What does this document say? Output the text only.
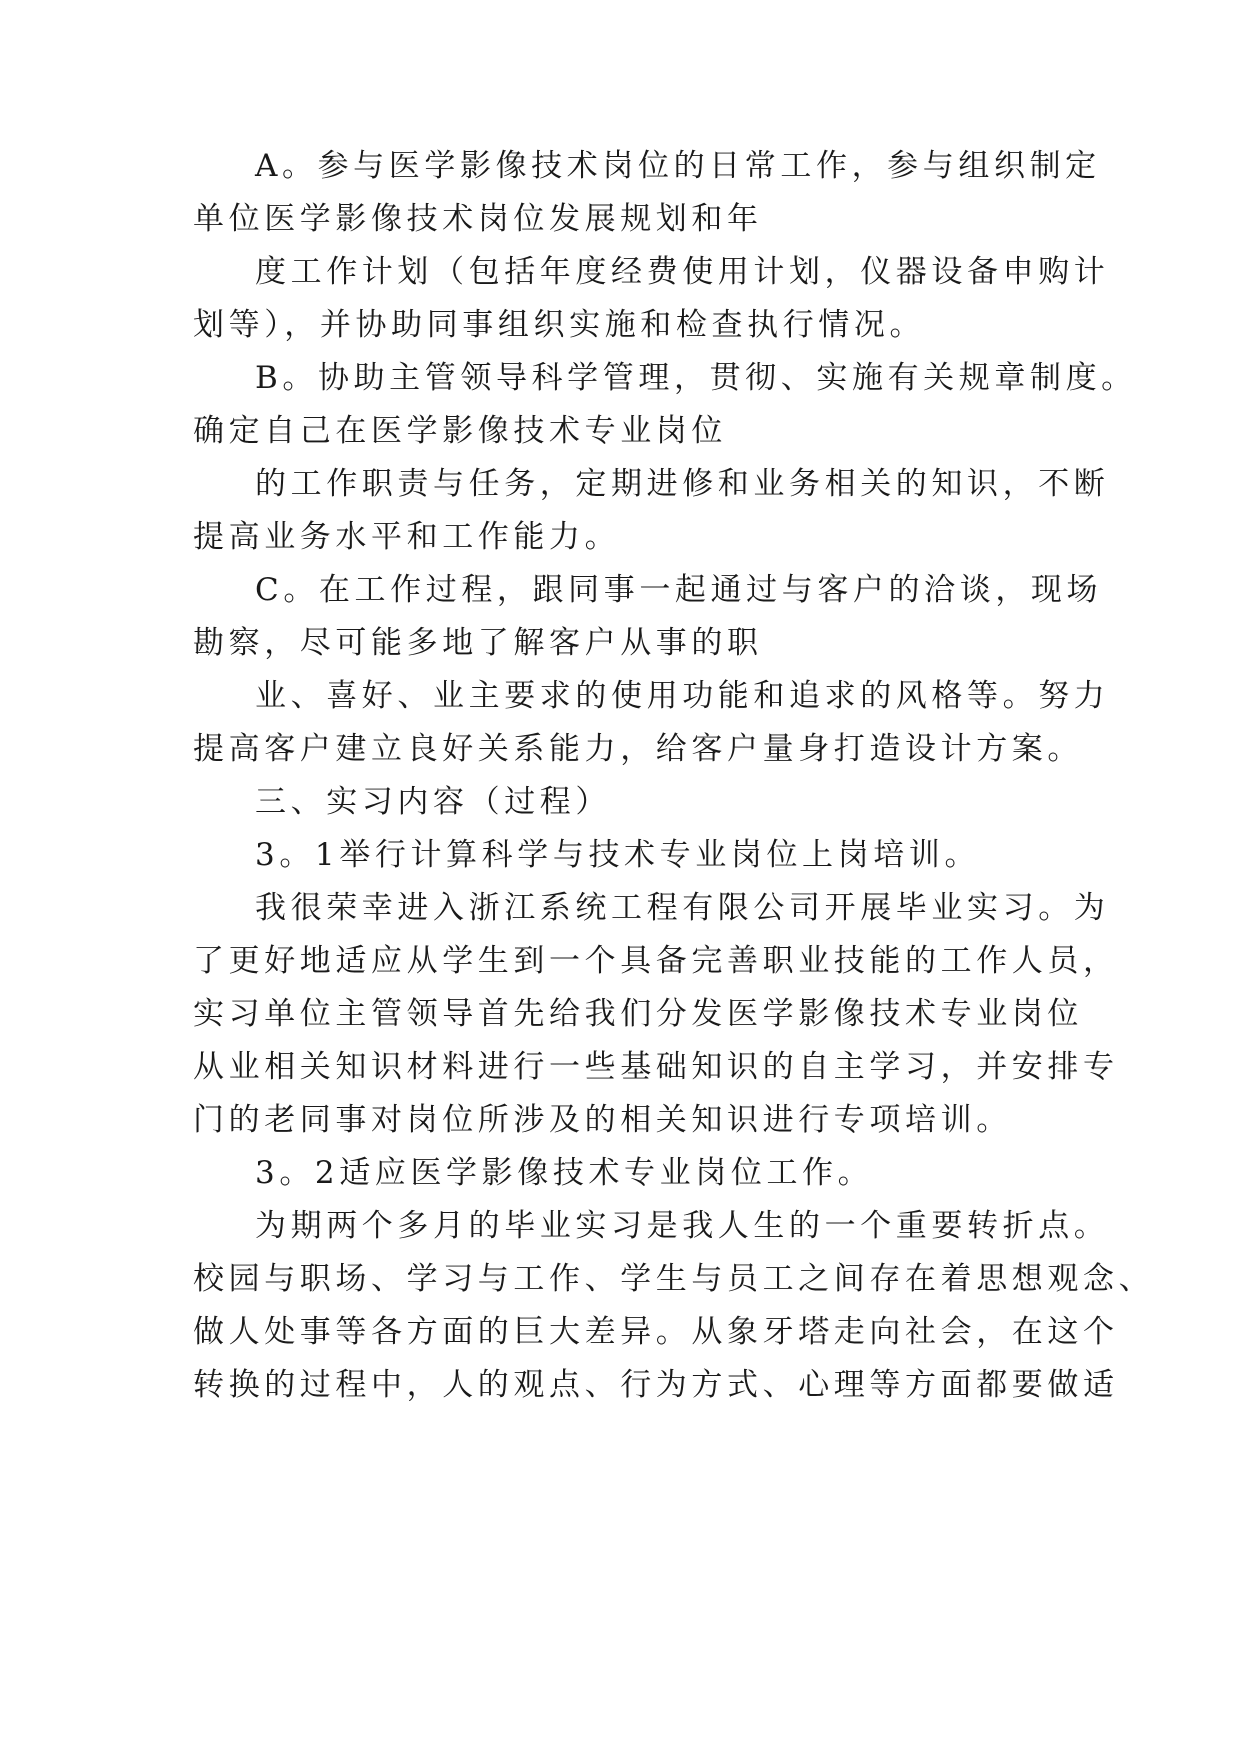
A。参与医学影像技术岗位的日常工作，参与组织制定
单位医学影像技术岗位发展规划和年
度工作计划（包括年度经费使用计划，仪器设备申购计
划等），并协助同事组织实施和检查执行情况。
B。协助主管领导科学管理，贯彻、实施有关规章制度。
确定自己在医学影像技术专业岗位
的工作职责与任务，定期进修和业务相关的知识，不断
提高业务水平和工作能力。
C。在工作过程，跟同事一起通过与客户的洽谈，现场
勘察，尽可能多地了解客户从事的职
业、喜好、业主要求的使用功能和追求的风格等。努力
提高客户建立良好关系能力，给客户量身打造设计方案。
三、实习内容（过程）
3。1举行计算科学与技术专业岗位上岗培训。
我很荣幸进入浙江系统工程有限公司开展毕业实习。为
了更好地适应从学生到一个具备完善职业技能的工作人员，
实习单位主管领导首先给我们分发医学影像技术专业岗位
从业相关知识材料进行一些基础知识的自主学习，并安排专
门的老同事对岗位所涉及的相关知识进行专项培训。
3。2适应医学影像技术专业岗位工作。
为期两个多月的毕业实习是我人生的一个重要转折点。
校园与职场、学习与工作、学生与员工之间存在着思想观念、
做人处事等各方面的巨大差异。从象牙塔走向社会，在这个
转换的过程中，人的观点、行为方式、心理等方面都要做适
